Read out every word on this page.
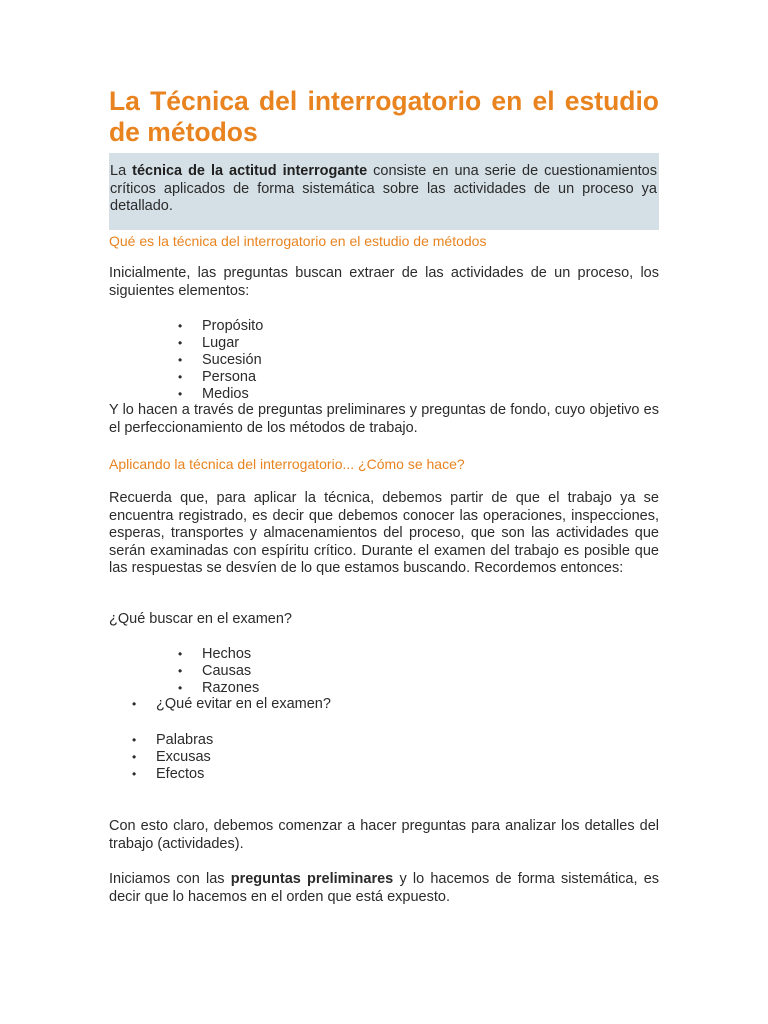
La Técnica del interrogatorio en el estudio de métodos
La técnica de la actitud interrogante consiste en una serie de cuestionamientos críticos aplicados de forma sistemática sobre las actividades de un proceso ya detallado.

Qué es la técnica del interrogatorio en el estudio de métodos

Inicialmente, las preguntas buscan extraer de las actividades de un proceso, los siguientes elementos:

• Propósito
• Lugar
• Sucesión
• Persona
• Medios

Y lo hacen a través de preguntas preliminares y preguntas de fondo, cuyo objetivo es el perfeccionamiento de los métodos de trabajo.

Aplicando la técnica del interrogatorio... ¿Cómo se hace?

Recuerda que, para aplicar la técnica, debemos partir de que el trabajo ya se encuentra registrado, es decir que debemos conocer las operaciones, inspecciones, esperas, transportes y almacenamientos del proceso, que son las actividades que serán examinadas con espíritu crítico. Durante el examen del trabajo es posible que las respuestas se desvíen de lo que estamos buscando. Recordemos entonces:

¿Qué buscar en el examen?

• Hechos
• Causas
• Razones
• ¿Qué evitar en el examen?
• Palabras
• Excusas
• Efectos

Con esto claro, debemos comenzar a hacer preguntas para analizar los detalles del trabajo (actividades).

Iniciamos con las preguntas preliminares y lo hacemos de forma sistemática, es decir que lo hacemos en el orden que está expuesto.
